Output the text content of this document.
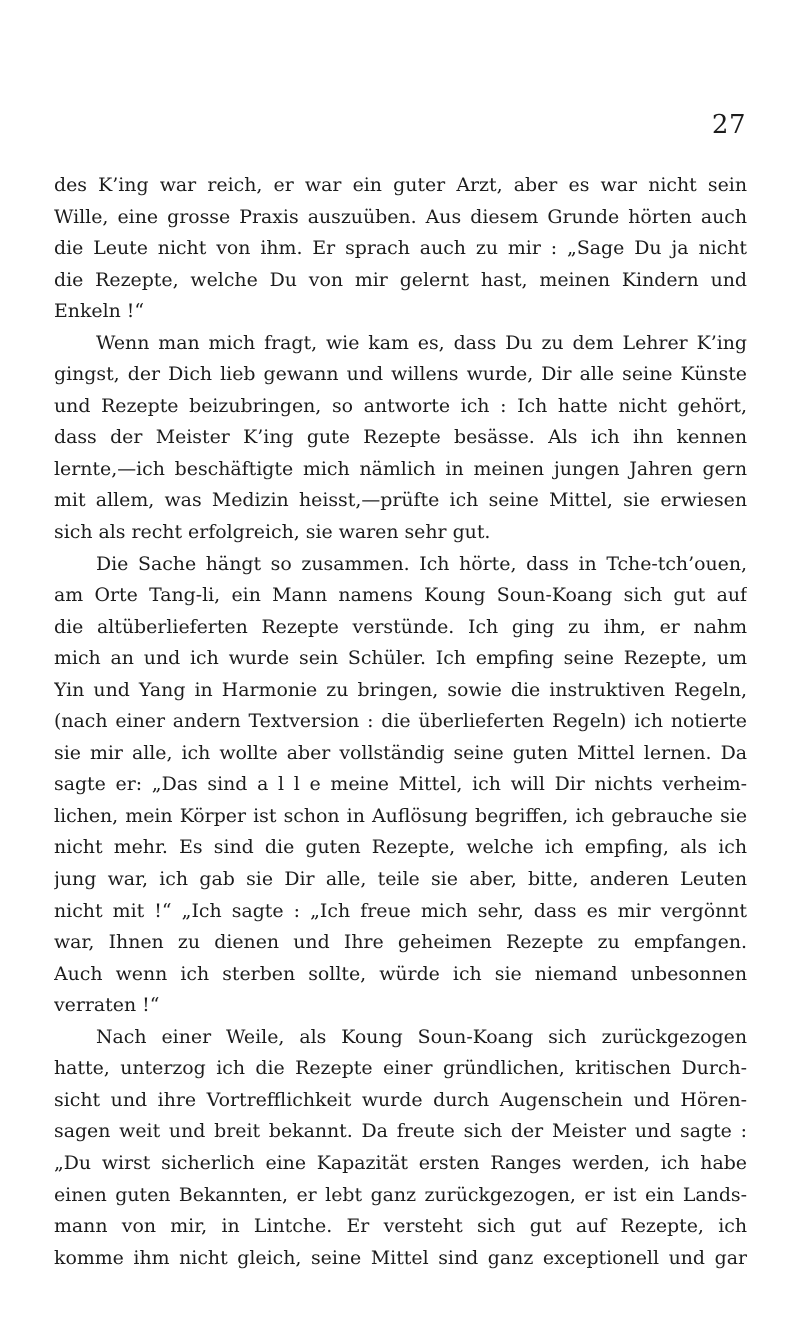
27
des K’ing war reich, er war ein guter Arzt, aber es war nicht sein
Wille, eine grosse Praxis auszuüben. Aus diesem Grunde hörten auch
die Leute nicht von ihm. Er sprach auch zu mir : „Sage Du ja nicht
die Rezepte, welche Du von mir gelernt hast, meinen Kindern und
Enkeln !“
Wenn man mich fragt, wie kam es, dass Du zu dem Lehrer K’ing
gingst, der Dich lieb gewann und willens wurde, Dir alle seine Künste
und Rezepte beizubringen, so antworte ich : Ich hatte nicht gehört,
dass der Meister K’ing gute Rezepte besässe. Als ich ihn kennen
lernte,—ich beschäftigte mich nämlich in meinen jungen Jahren gern
mit allem, was Medizin heisst,—prüfte ich seine Mittel, sie erwiesen
sich als recht erfolgreich, sie waren sehr gut.
Die Sache hängt so zusammen. Ich hörte, dass in Tche-tch’ouen,
am Orte Tang-li, ein Mann namens Koung Soun-Koang sich gut auf
die altüberlieferten Rezepte verstünde. Ich ging zu ihm, er nahm
mich an und ich wurde sein Schüler. Ich empfing seine Rezepte, um
Yin und Yang in Harmonie zu bringen, sowie die instruktiven Regeln,
(nach einer andern Textversion : die überlieferten Regeln) ich notierte
sie mir alle, ich wollte aber vollständig seine guten Mittel lernen. Da
sagte er: „Das sind a l l e meine Mittel, ich will Dir nichts verheim-
lichen, mein Körper ist schon in Auflösung begriffen, ich gebrauche sie
nicht mehr. Es sind die guten Rezepte, welche ich empfing, als ich
jung war, ich gab sie Dir alle, teile sie aber, bitte, anderen Leuten
nicht mit !“ „Ich sagte : „Ich freue mich sehr, dass es mir vergönnt
war, Ihnen zu dienen und Ihre geheimen Rezepte zu empfangen.
Auch wenn ich sterben sollte, würde ich sie niemand unbesonnen
verraten !“
Nach einer Weile, als Koung Soun-Koang sich zurückgezogen
hatte, unterzog ich die Rezepte einer gründlichen, kritischen Durch-
sicht und ihre Vortrefflichkeit wurde durch Augenschein und Hören-
sagen weit und breit bekannt. Da freute sich der Meister und sagte :
„Du wirst sicherlich eine Kapazität ersten Ranges werden, ich habe
einen guten Bekannten, er lebt ganz zurückgezogen, er ist ein Lands-
mann von mir, in Lintche. Er versteht sich gut auf Rezepte, ich
komme ihm nicht gleich, seine Mittel sind ganz exceptionell und gar
